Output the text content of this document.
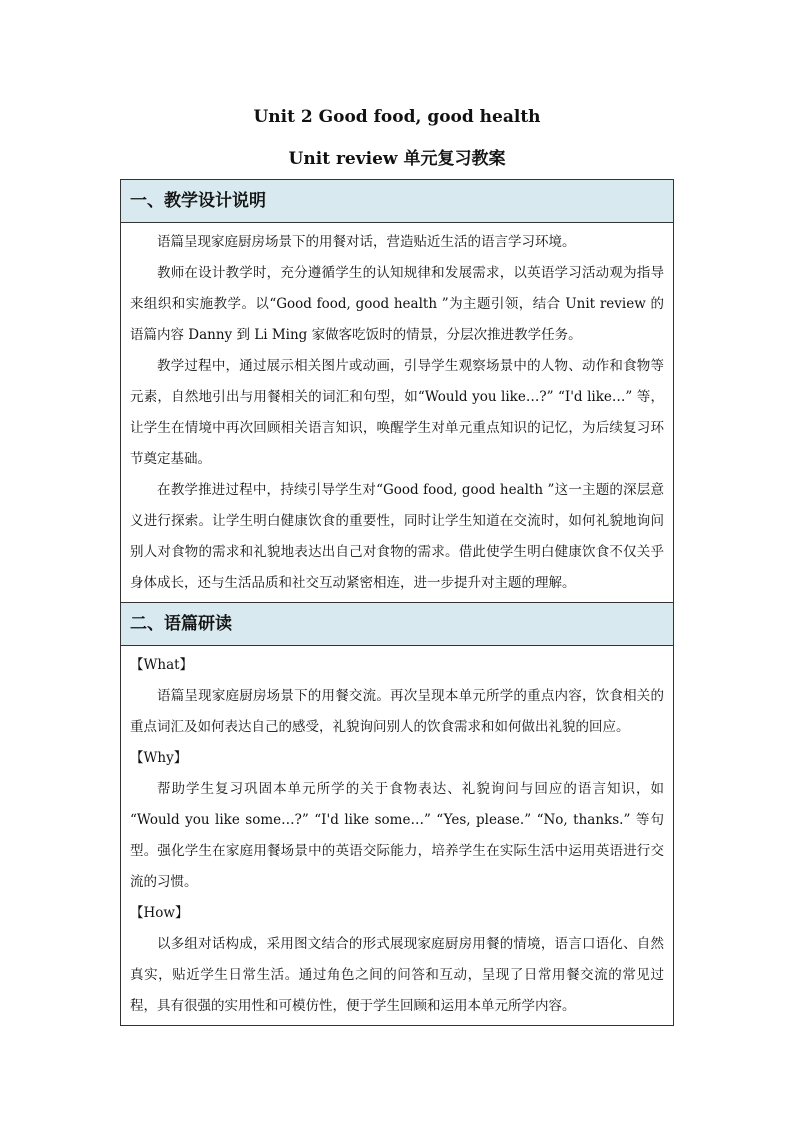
Unit 2 Good food, good health
Unit review 单元复习教案
一、教学设计说明

语篇呈现家庭厨房场景下的用餐对话，营造贴近生活的语言学习环境。

教师在设计教学时，充分遵循学生的认知规律和发展需求，以英语学习活动观为指导来组织和实施教学。以“Good food, good health ”为主题引领，结合 Unit review 的语篇内容 Danny 到 Li Ming 家做客吃饭时的情景，分层次推进教学任务。

教学过程中，通过展示相关图片或动画，引导学生观察场景中的人物、动作和食物等元素，自然地引出与用餐相关的词汇和句型，如“Would you like…?” “I'd like…” 等，让学生在情境中再次回顾相关语言知识，唤醒学生对单元重点知识的记忆，为后续复习环节奠定基础。

在教学推进过程中，持续引导学生对“Good food, good health ”这一主题的深层意义进行探索。让学生明白健康饮食的重要性，同时让学生知道在交流时，如何礼貌地询问别人对食物的需求和礼貌地表达出自己对食物的需求。借此使学生明白健康饮食不仅关乎身体成长，还与生活品质和社交互动紧密相连，进一步提升对主题的理解。

二、语篇研读

【What】

语篇呈现家庭厨房场景下的用餐交流。再次呈现本单元所学的重点内容，饮食相关的重点词汇及如何表达自己的感受，礼貌询问别人的饮食需求和如何做出礼貌的回应。

【Why】

帮助学生复习巩固本单元所学的关于食物表达、礼貌询问与回应的语言知识，如 “Would you like some…?” “I'd like some…” “Yes, please.” “No, thanks.” 等句型。强化学生在家庭用餐场景中的英语交际能力，培养学生在实际生活中运用英语进行交流的习惯。

【How】

以多组对话构成，采用图文结合的形式展现家庭厨房用餐的情境，语言口语化、自然真实，贴近学生日常生活。通过角色之间的问答和互动，呈现了日常用餐交流的常见过程，具有很强的实用性和可模仿性，便于学生回顾和运用本单元所学内容。
